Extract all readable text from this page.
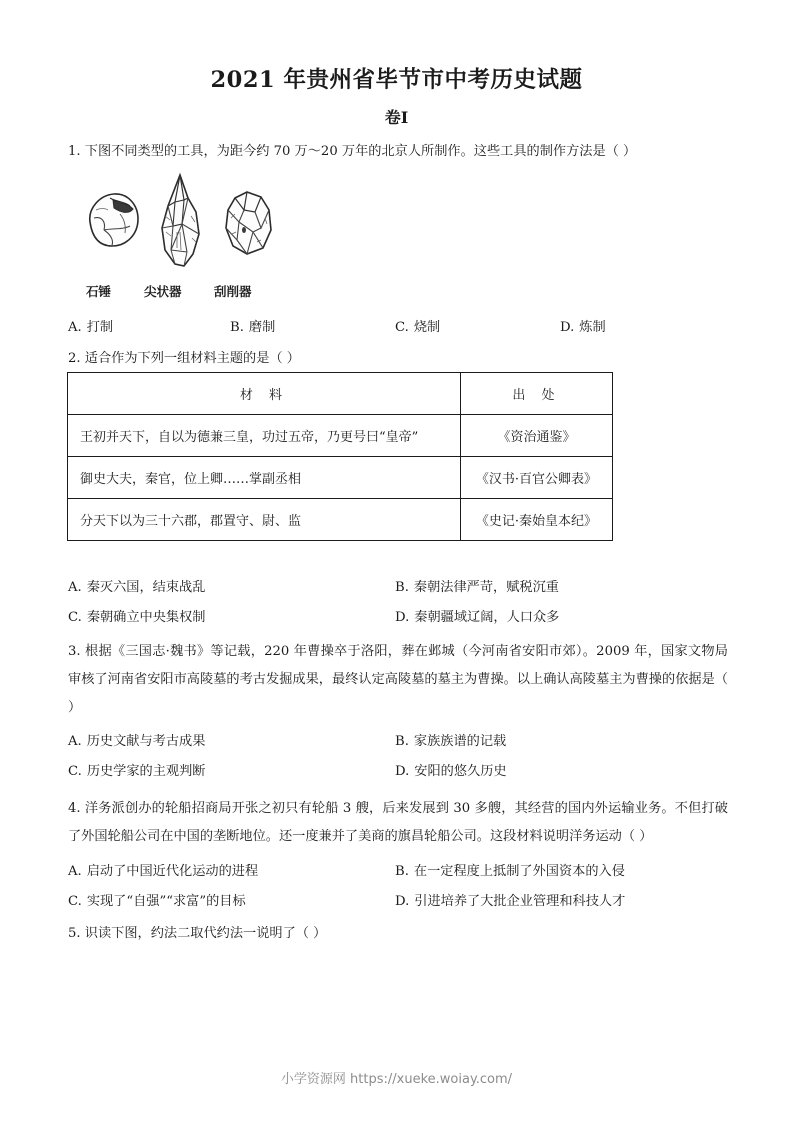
2021 年贵州省毕节市中考历史试题
卷Ⅰ
1. 下图不同类型的工具，为距今约 70 万～20 万年的北京人所制作。这些工具的制作方法是（ ）
石锤	尖状器	刮削器
A. 打制	B. 磨制	C. 烧制	D. 炼制
2. 适合作为下列一组材料主题的是（ ）
材 料	出 处
王初并天下，自以为德兼三皇，功过五帝，乃更号曰“皇帝”	《资治通鉴》
御史大夫，秦官，位上卿……掌副丞相	《汉书·百官公卿表》
分天下以为三十六郡，郡置守、尉、监	《史记·秦始皇本纪》
A. 秦灭六国，结束战乱	B. 秦朝法律严苛，赋税沉重
C. 秦朝确立中央集权制	D. 秦朝疆域辽阔，人口众多
3. 根据《三国志·魏书》等记载，220 年曹操卒于洛阳，葬在邺城（今河南省安阳市郊）。2009 年，国家文物局审核了河南省安阳市高陵墓的考古发掘成果，最终认定高陵墓的墓主为曹操。以上确认高陵墓主为曹操的依据是（ ）
A. 历史文献与考古成果	B. 家族族谱的记载
C. 历史学家的主观判断	D. 安阳的悠久历史
4. 洋务派创办的轮船招商局开张之初只有轮船 3 艘，后来发展到 30 多艘，其经营的国内外运输业务。不但打破了外国轮船公司在中国的垄断地位。还一度兼并了美商的旗昌轮船公司。这段材料说明洋务运动（ ）
A. 启动了中国近代化运动的进程	B. 在一定程度上抵制了外国资本的入侵
C. 实现了“自强”“求富”的目标	D. 引进培养了大批企业管理和科技人才
5. 识读下图，约法二取代约法一说明了（ ）
小学资源网 https://xueke.woiay.com/
